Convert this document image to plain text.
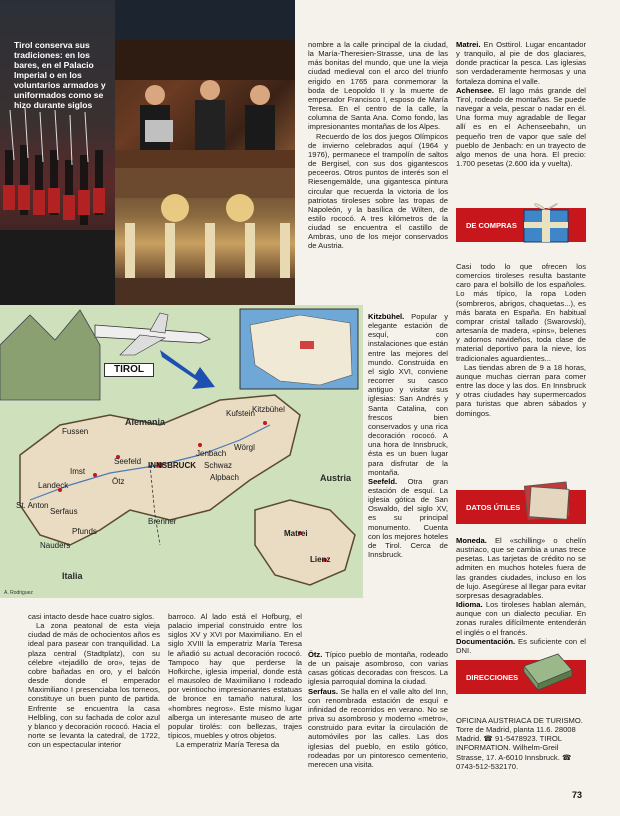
Tirol conserva sus tradiciones: en los bares, en el Palacio Imperial o en los voluntarios armados y uniformados como se hizo durante siglos
Alemania
Austria
Italia
Kitzbühel
Fussen
Jenbach
Kufstein
Wörgl
Alpbach
Schwaz
Seefeld INNSBRUCK
Imst
Landeck	Ötz
St. Anton
Serfaus
Brenner
Lienz
Matrei
Pfunds
Nauders
TIROL
A. Rodriguez

nombre a la calle principal de la ciudad, la María-Theresien-Strasse, una de las más bonitas del mundo, que une la vieja ciudad medieval con el arco del triunfo erigido en 1765 para conmemorar la boda de Leopoldo II y la muerte de emperador Francisco I, esposo de María Teresa. En el centro de la calle, la columna de Santa Ana. Como fondo, las impresionantes montañas de los Alpes.

Recuerdo de los dos juegos Olímpicos de invierno celebrados aquí (1964 y 1976), permanece el trampolín de saltos de Bergisel, con sus dos gigantescos peceeros. Otros puntos de interés son el Riesengemälde, una gigantesca pintura circular que recuerda la victoria de los patriotas tiroleses sobre las tropas de Napoleón, y la basílica de Wilten, de estilo rococó. A tres kilómetros de la ciudad se encuentra el castillo de Ambras, uno de los mejor conservados de Austria.

Kitzbühel. Popular y elegante estación de esquí, con instalaciones que están entre las mejores del mundo. Construida en el siglo XVI, conviene recorrer su casco antiguo y visitar sus iglesias: San Andrés y Santa Catalina, con frescos bien conservados y una rica decoración rococó. A una hora de Innsbruck, ésta es un buen lugar para disfrutar de la montaña.

Seefeld. Otra gran estación de esquí. La iglesia gótica de San Oswaldo, del siglo XV, es su principal monumento. Cuenta con los mejores hoteles de Tirol. Cerca de Innsbruck.

Ötz. Típico pueblo de montaña, rodeado de un paisaje asombroso, con varias casas góticas decoradas con frescos. La iglesia parroquial domina la ciudad.

Serfaus. Se halla en el valle alto del Inn, con renombrada estación de esquí e infinidad de recorridos en verano. No se priva su asombroso y moderno «metro», construido para evitar la circulación de automóviles por las calles. Las dos iglesias del pueblo, en estilo gótico, rodeadas por un pintoresco cementerio, merecen una visita.

casi intacto desde hace cuatro siglos.

La zona peatonal de esta vieja ciudad de más de ochocientos años es ideal para pasear con tranquilidad. La plaza central (Stadtplatz), con su célebre «tejadillo de oro», tejas de cobre bañadas en oro, y el balcón desde donde el emperador Maximiliano I presenciaba los torneos, constituye un buen punto de partida. Enfrente se encuentra la casa Helbling, con su fachada de color azul y blanco y decoración rococó. Hacia el norte se levanta la catedral, de 1722, con un espectacular interior

barroco. Al lado está el Hofburg, el palacio imperial construido entre los siglos XV y XVI por Maximiliano. En el siglo XVIII la emperatriz María Teresa le añadió su actual decoración rococó. Tampoco hay que perderse la Hofkirche, iglesia imperial, donde está el mausoleo de Maximiliano I rodeado por veintiocho impresionantes estatuas de bronce en tamaño natural, los «hombres negros». Este mismo lugar alberga un interesante museo de arte popular tirolés: con bellezas, trajes típicos, muebles y otros objetos.

La emperatriz María Teresa da

Matrei. En Osttirol. Lugar encantador y tranquilo, al pie de dos glaciares, donde practicar la pesca. Las iglesias son verdaderamente hermosas y una fortaleza domina el valle.

Achensee. El lago más grande del Tirol, rodeado de montañas. Se puede navegar a vela, pescar o nadar en él. Una forma muy agradable de llegar allí es en el Achenseebahn, un pequeño tren de vapor que sale del pueblo de Jenbach: en un trayecto de algo menos de una hora. El precio: 1.700 pesetas (2.600 ida y vuelta).

DE COMPRAS

Casi todo lo que ofrecen los comercios tiroleses resulta bastante caro para el bolsillo de los españoles. Lo más típico, la ropa Loden (sombreros, abrigos, chaquetas...), es más barata en España. En habitual comprar cristal tallado (Swarovski), artesanía de madera, «pins», belenes y adornos navideños, toda clase de material deportivo para la nieve, los tradicionales aguardientes...

Las tiendas abren de 9 a 18 horas, aunque muchas cierran para comer entre las doce y las dos. En Innsbruck y otras ciudades hay supermercados para turistas que abren sábados y domingos.

DATOS ÚTILES

Moneda. El «schilling» o chelín austriaco, que se cambia a unas trece pesetas. Las tarjetas de crédito no se admiten en muchos hoteles fuera de las grandes ciudades, incluso en los de lujo. Asegúrese al llegar para evitar sorpresas desagradables.

Idioma. Los tiroleses hablan alemán, aunque con un dialecto peculiar. En zonas rurales difícilmente entenderán el inglés o el francés.

Documentación. Es suficiente con el DNI.

DIRECCIONES

OFICINA AUSTRIACA DE TURISMO. Torre de Madrid, planta 11.6. 28008 Madrid. ☎ 91-5478923. TIROL INFORMATION. Wilhelm-Greil Strasse, 17. A-6010 Innsbruck. ☎ 0743-512-532170.

73
